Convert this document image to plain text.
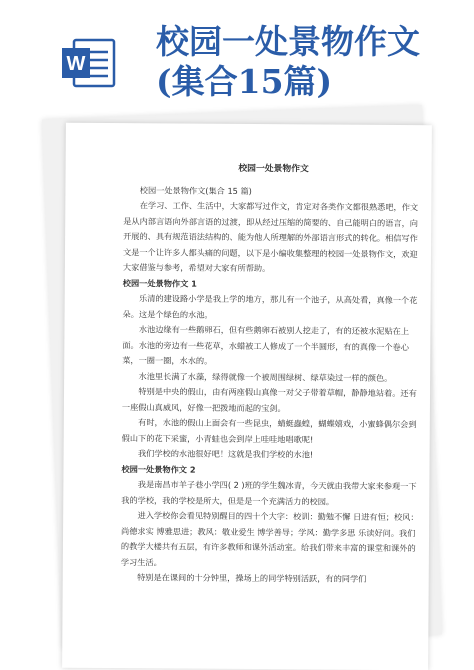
W
校园一处景物作文
(集合15篇)
校园一处景物作文

校园一处景物作文(集合 15 篇)

在学习、工作、生活中，大家都写过作文，肯定对各类作文都很熟悉吧，作文是从内部言语向外部言语的过渡，即从经过压缩的简要的、自己能明白的语言，向开展的、具有规范语法结构的、能为他人所理解的外部语言形式的转化。相信写作文是一个让许多人都头痛的问题，以下是小编收集整理的校园一处景物作文，欢迎大家借鉴与参考，希望对大家有所帮助。

校园一处景物作文 1

乐清的建设路小学是我上学的地方，那儿有一个池子，从高处看，真像一个花朵。这是个绿色的水池。

水池边缘有一些鹅卵石，但有些鹅卵石被别人挖走了，有的还被水泥贴在上面。水池的旁边有一些花草，水蜡被工人修成了一个半圆形，有的真像一个卷心菜，一圈一圈，水水的。

水池里长满了水藻，绿得就像一个被周围绿树、绿草染过一样的颜色。

特别是中央的假山，由有两座假山真像一对父子带着草帽，静静地站着。还有一座假山真威风，好像一把拨地而起的宝剑。

有时，水池的假山上面会有一些昆虫，蜻蜓蟲蝗，蝴蝶嬉戏，小蜜蜂偶尔会到假山下的花下采蜜，小青蛙也会到岸上哇哇地唱歌呢!

我们学校的水池很好吧！这就是我们学校的水池!

校园一处景物作文 2

我是南昌市羊子巷小学四( 2 )班的学生魏冰青，今天就由我带大家来参观一下我的学校，我的学校是所大，但是是一个充满活力的校园。

进入学校你会看见特别醒目的四十个大字：校训：勤勉不懈 日进有恒；校风：尚德求实 博雅思进；教风：敬业爱生 博学善导；学风：勤学多思 乐读好问。我们的教学大楼共有五层，有许多教师和课外活动室。给我们带来丰富的课堂和课外的学习生活。

特别是在课间的十分钟里，操场上的同学特别活跃，有的同学们
